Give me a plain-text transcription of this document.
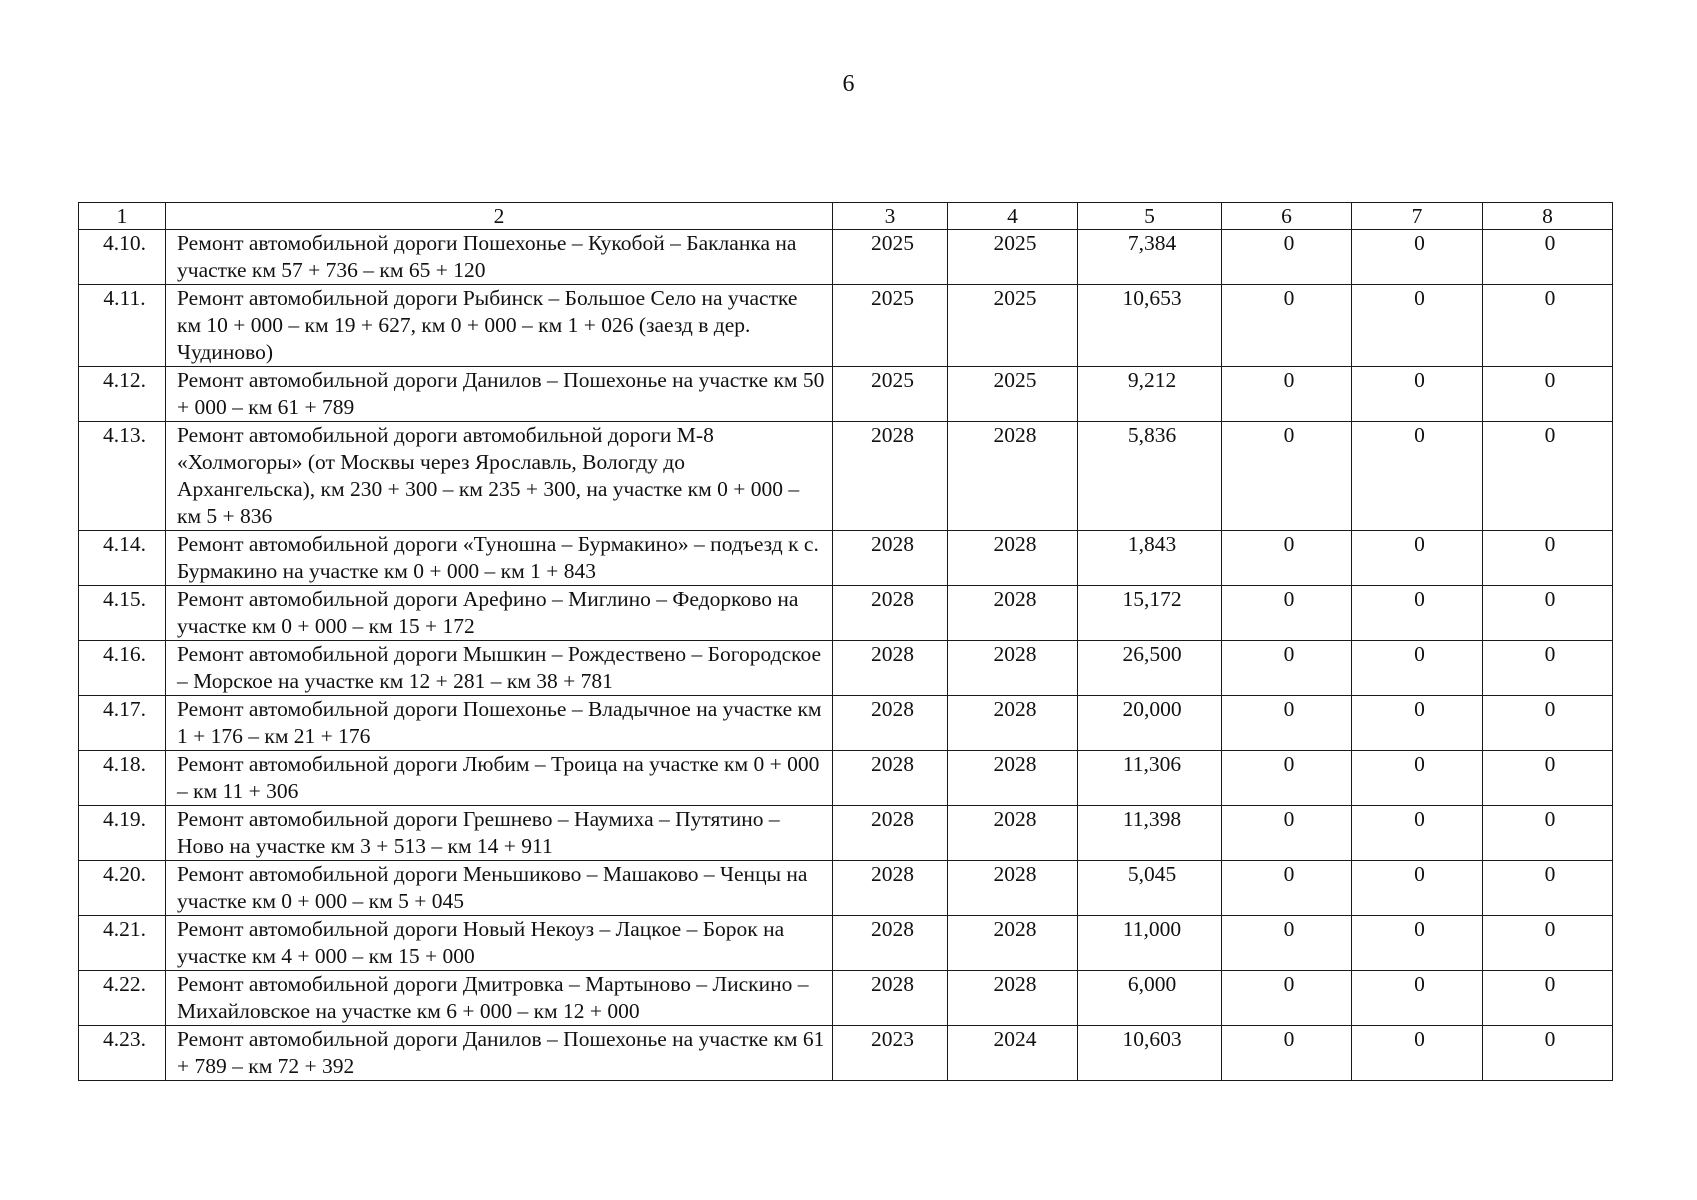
6
1	2	3	4	5	6	7	8
4.10.	Ремонт автомобильной дороги Пошехонье – Кукобой – Бакланка на участке км 57 + 736 – км 65 + 120	2025	2025	7,384	0	0	0
4.11.	Ремонт автомобильной дороги Рыбинск – Большое Село на участке км 10 + 000 – км 19 + 627, км 0 + 000 – км 1 + 026 (заезд в дер. Чудиново)	2025	2025	10,653	0	0	0
4.12.	Ремонт автомобильной дороги Данилов – Пошехонье на участке км 50 + 000 – км 61 + 789	2025	2025	9,212	0	0	0
4.13.	Ремонт автомобильной дороги автомобильной дороги М-8 «Холмогоры» (от Москвы через Ярославль, Вологду до Архангельска), км 230 + 300 – км 235 + 300, на участке км 0 + 000 – км 5 + 836	2028	2028	5,836	0	0	0
4.14.	Ремонт автомобильной дороги «Туношна – Бурмакино» – подъезд к с. Бурмакино на участке км 0 + 000 – км 1 + 843	2028	2028	1,843	0	0	0
4.15.	Ремонт автомобильной дороги Арефино – Миглино – Федорково на участке км 0 + 000 – км 15 + 172	2028	2028	15,172	0	0	0
4.16.	Ремонт автомобильной дороги Мышкин – Рождествено – Богородское – Морское на участке км 12 + 281 – км 38 + 781	2028	2028	26,500	0	0	0
4.17.	Ремонт автомобильной дороги Пошехонье – Владычное на участке км 1 + 176 – км 21 + 176	2028	2028	20,000	0	0	0
4.18.	Ремонт автомобильной дороги Любим – Троица на участке км 0 + 000 – км 11 + 306	2028	2028	11,306	0	0	0
4.19.	Ремонт автомобильной дороги Грешнево – Наумиха – Путятино – Ново на участке км 3 + 513 – км 14 + 911	2028	2028	11,398	0	0	0
4.20.	Ремонт автомобильной дороги Меньшиково – Машаково – Ченцы на участке км 0 + 000 – км 5 + 045	2028	2028	5,045	0	0	0
4.21.	Ремонт автомобильной дороги Новый Некоуз – Лацкое – Борок на участке км 4 + 000 – км 15 + 000	2028	2028	11,000	0	0	0
4.22.	Ремонт автомобильной дороги Дмитровка – Мартыново – Лискино – Михайловское на участке км 6 + 000 – км 12 + 000	2028	2028	6,000	0	0	0
4.23.	Ремонт автомобильной дороги Данилов – Пошехонье на участке км 61 + 789 – км 72 + 392	2023	2024	10,603	0	0	0
